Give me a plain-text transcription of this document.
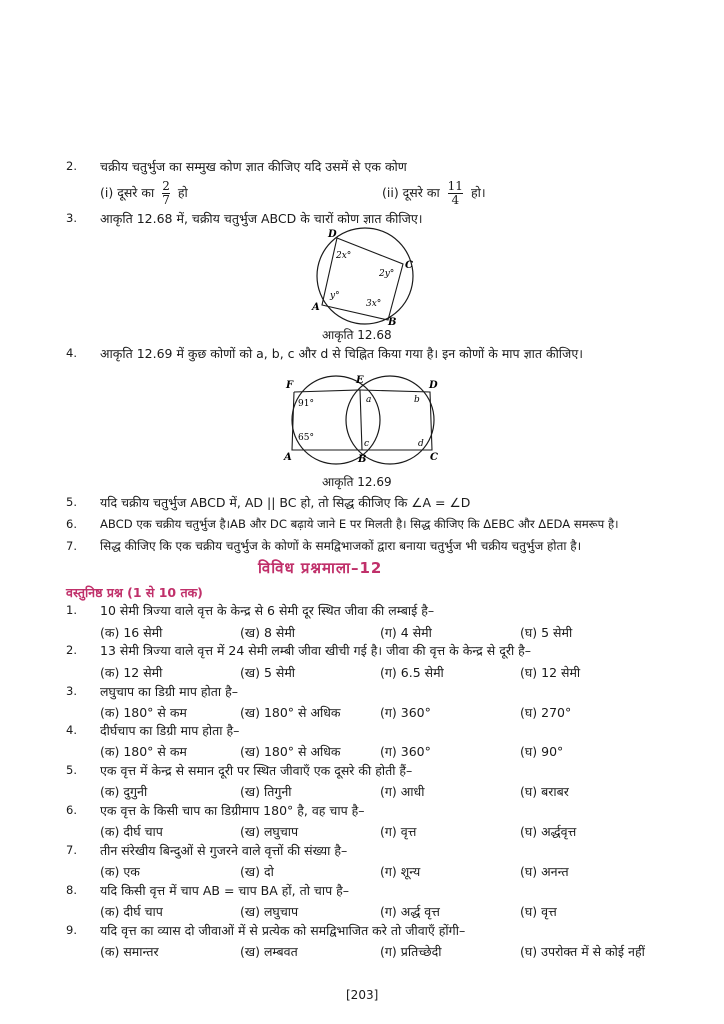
2. चक्रीय चतुर्भुज का सम्मुख कोण ज्ञात कीजिए यदि उसमें से एक कोण
(i) दूसरे का $\frac{2}{7}$ हो	(ii) दूसरे का $\frac{11}{4}$ हो।
3. आकृति 12.68 में, चक्रीय चतुर्भुज ABCD के चारों कोण ज्ञात कीजिए।
D
C
A
B
2x°
2y°
y°
3x°
आकृति 12.68
4. आकृति 12.69 में कुछ कोणों को a, b, c और d से चिह्नित किया गया है। इन कोणों के माप ज्ञात कीजिए।
F	E	D
A	B	C
a	b
c	d
91°
65°
आकृति 12.69
5. यदि चक्रीय चतुर्भुज ABCD में, AD || BC हो, तो सिद्ध कीजिए कि ∠A = ∠D
6. ABCD एक चक्रीय चतुर्भुज है।AB और DC बढ़ाये जाने E पर मिलती है। सिद्ध कीजिए कि ΔEBC और ΔEDA समरूप है।
7. सिद्ध कीजिए कि एक चक्रीय चतुर्भुज के कोणों के समद्विभाजकों द्वारा बनाया चतुर्भुज भी चक्रीय चतुर्भुज होता है।
विविध प्रश्नमाला–12
वस्तुनिष्ठ प्रश्न (1 से 10 तक)
1. 10 सेमी त्रिज्या वाले वृत्त के केन्द्र से 6 सेमी दूर स्थित जीवा की लम्बाई है–
(क) 16 सेमी	(ख) 8 सेमी	(ग) 4 सेमी	(घ) 5 सेमी
2. 13 सेमी त्रिज्या वाले वृत्त में 24 सेमी लम्बी जीवा खीची गई है। जीवा की वृत्त के केन्द्र से दूरी है–
(क) 12 सेमी	(ख) 5 सेमी	(ग) 6.5 सेमी	(घ) 12 सेमी
3. लघुचाप का डिग्री माप होता है–
(क) 180° से कम	(ख) 180° से अधिक	(ग) 360°	(घ) 270°
4. दीर्घचाप का डिग्री माप होता है–
(क) 180° से कम	(ख) 180° से अधिक	(ग) 360°	(घ) 90°
5. एक वृत्त में केन्द्र से समान दूरी पर स्थित जीवाएँ एक दूसरे की होती हैं–
(क) दुगुनी	(ख) तिगुनी	(ग) आधी	(घ) बराबर
6. एक वृत्त के किसी चाप का डिग्रीमाप 180° है, वह चाप है–
(क) दीर्घ चाप	(ख) लघुचाप	(ग) वृत्त	(घ) अर्द्धवृत्त
7. तीन संरेखीय बिन्दुओं से गुजरने वाले वृत्तों की संख्या है–
(क) एक	(ख) दो	(ग) शून्य	(घ) अनन्त
8. यदि किसी वृत्त में चाप AB = चाप BA हों, तो चाप है–
(क) दीर्घ चाप	(ख) लघुचाप	(ग) अर्द्ध वृत्त	(घ) वृत्त
9. यदि वृत्त का व्यास दो जीवाओं में से प्रत्येक को समद्विभाजित करे तो जीवाएँ होंगी–
(क) समान्तर	(ख) लम्बवत	(ग) प्रतिच्छेदी	(घ) उपरोक्त में से कोई नहीं
[203]
